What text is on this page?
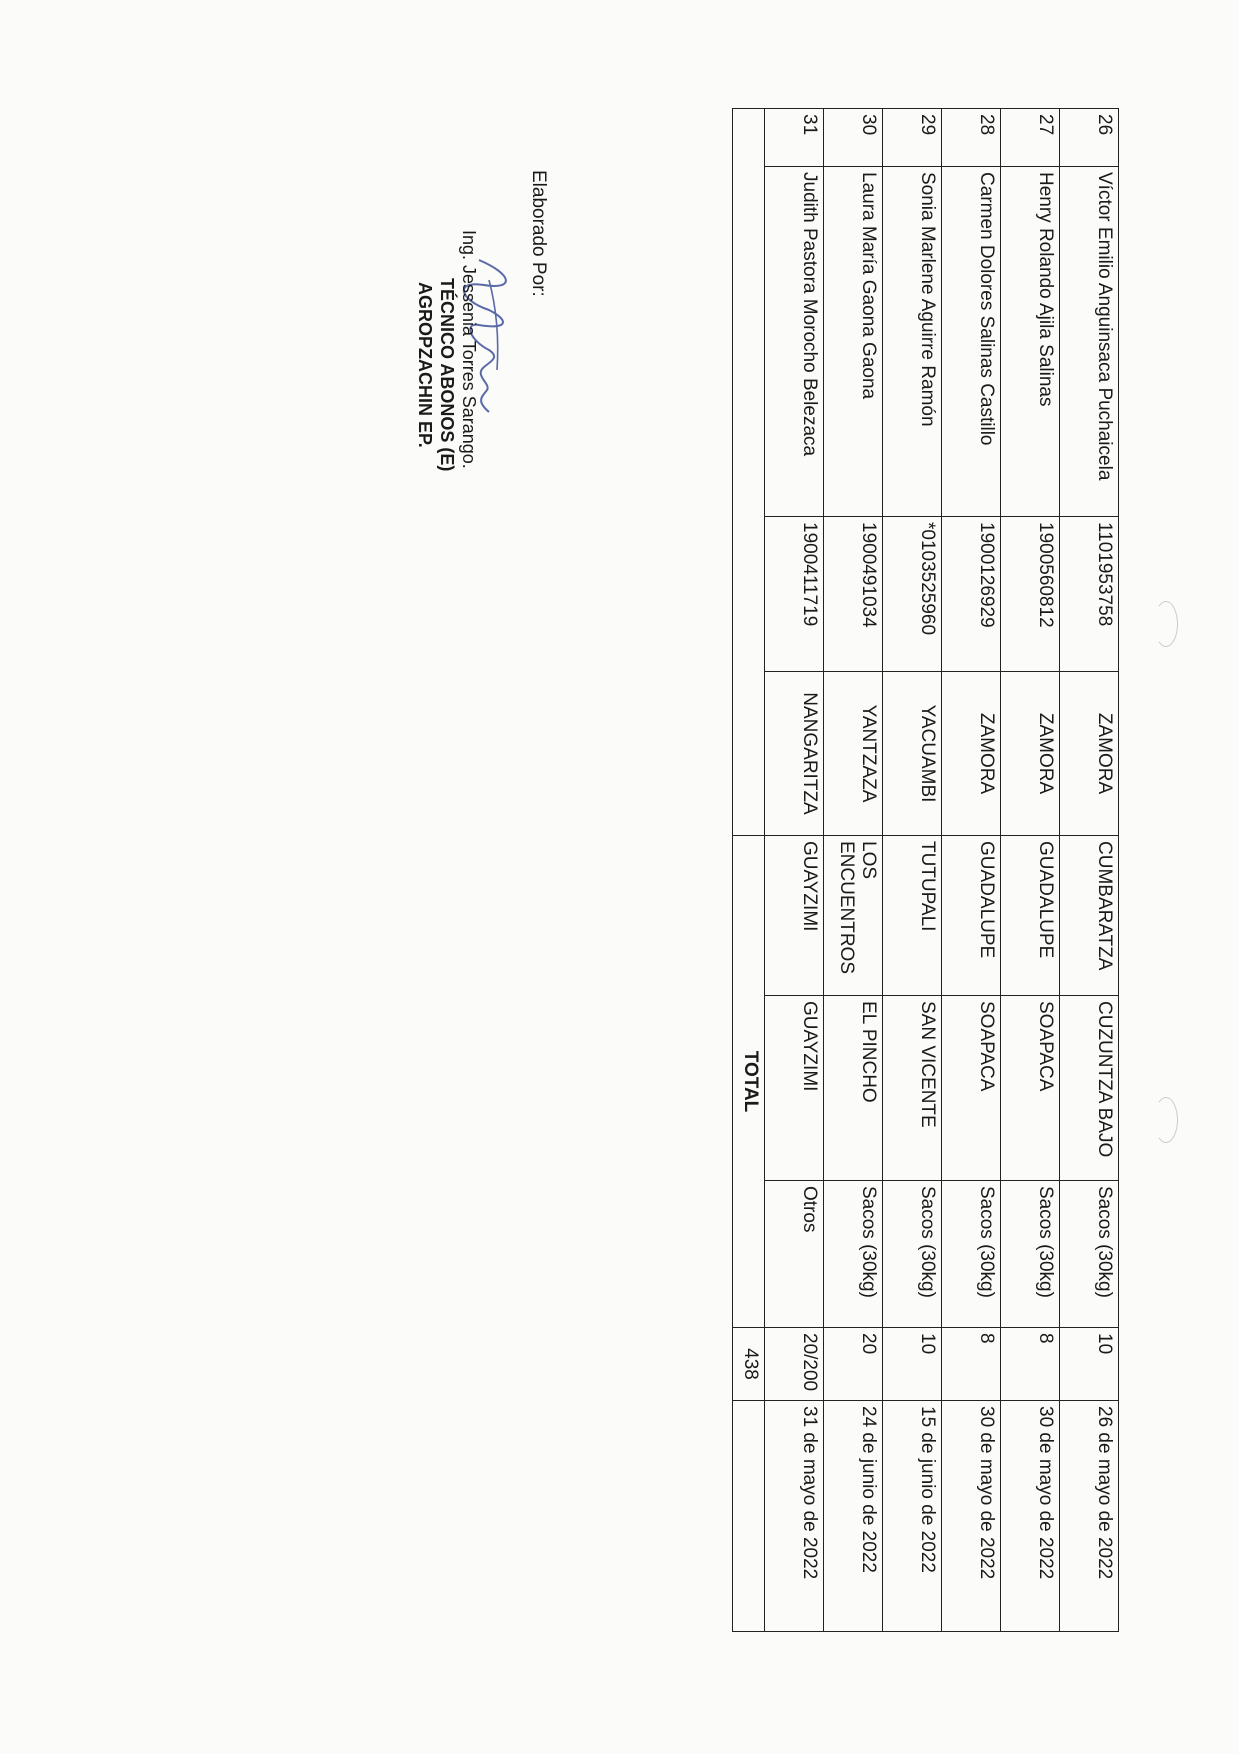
26	Víctor Emilio Anguinsaca Puchaicela	1101953758	ZAMORA	CUMBARATZA	CUZUNTZA BAJO	Sacos (30kg)	10	26 de mayo de 2022
27	Henry Rolando Ajila Salinas	1900560812	ZAMORA	GUADALUPE	SOAPACA	Sacos (30kg)	8	30 de mayo de 2022
28	Carmen Dolores Salinas Castillo	1900126929	ZAMORA	GUADALUPE	SOAPACA	Sacos (30kg)	8	30 de mayo de 2022
29	Sonia Marlene Aguirre Ramón	*0103525960	YACUAMBI	TUTUPALI	SAN VICENTE	Sacos (30kg)	10	15 de junio de 2022
30	Laura María Gaona Gaona	1900491034	YANTZAZA	LOS ENCUENTROS	EL PINCHO	Sacos (30kg)	20	24 de junio de 2022
31	Judith Pastora Morocho Belezaca	1900411719	NANGARITZA	GUAYZIMI	GUAYZIMI	Otros	20/200	31 de mayo de 2022
				TOTAL			438	
Elaborado Por:
Ing. Jessenia Torres Sarango.
TÉCNICO ABONOS (E)
AGROPZACHIN EP.
